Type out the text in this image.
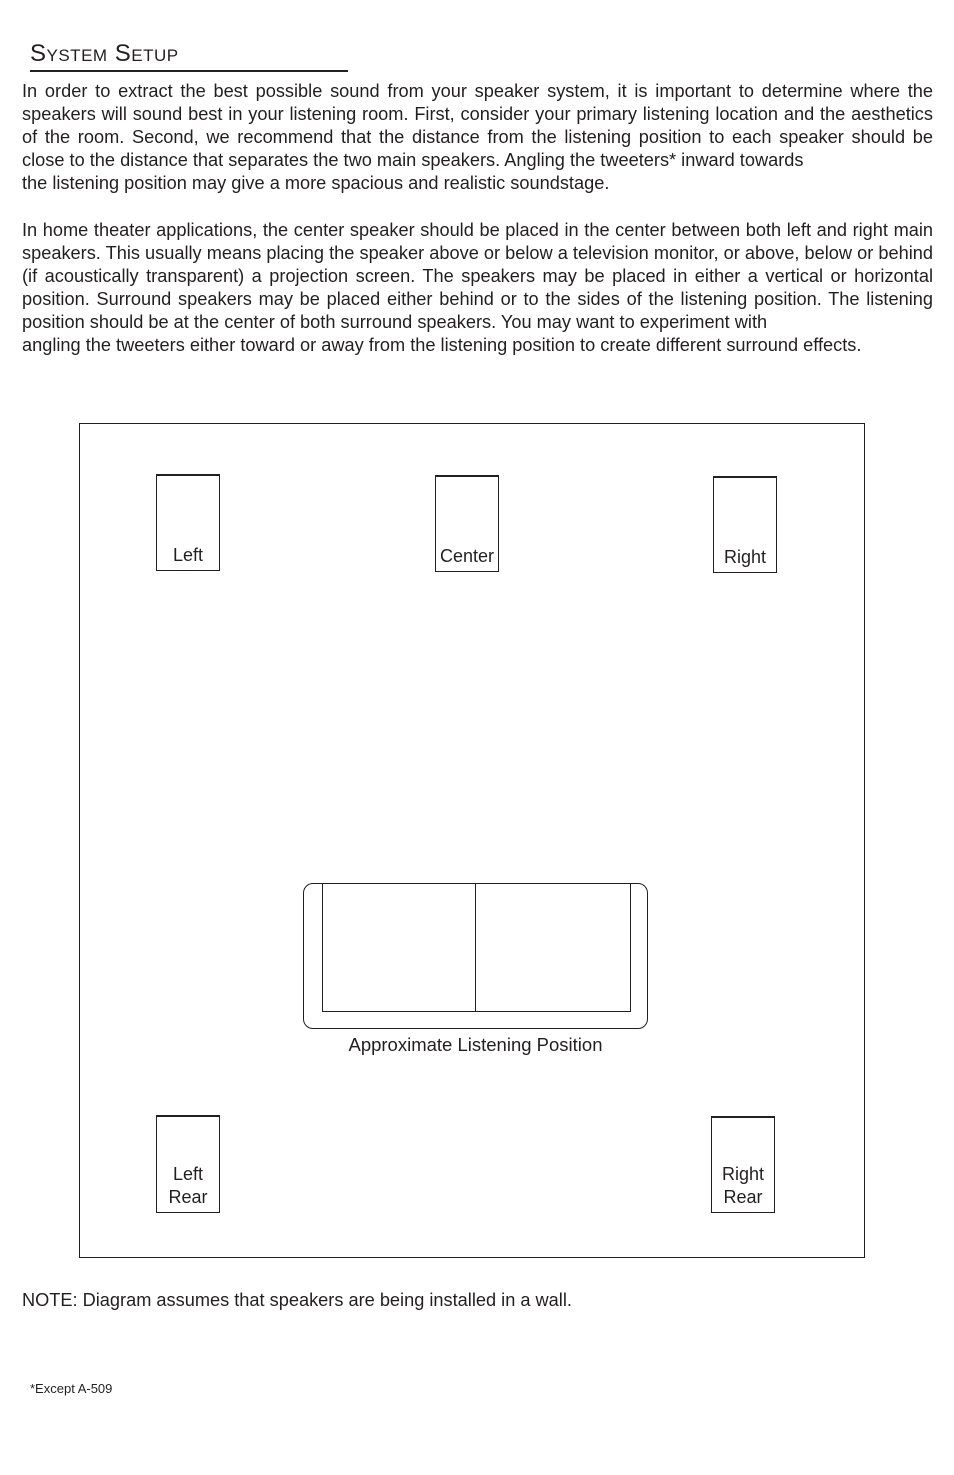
System Setup

In order to extract the best possible sound from your speaker system, it is important to determine where the speakers will sound best in your listening room. First, consider your primary listening location and the aesthetics of the room. Second, we recommend that the distance from the listening position to each speaker should be close to the distance that separates the two main speakers. Angling the tweeters* inward towards
the listening position may give a more spacious and realistic soundstage.

In home theater applications, the center speaker should be placed in the center between both left and right main speakers. This usually means placing the speaker above or below a television monitor, or above, below or behind (if acoustically transparent) a projection screen. The speakers may be placed in either a vertical or horizontal position. Surround speakers may be placed either behind or to the sides of the listening position. The listening position should be at the center of both surround speakers. You may want to experiment with
angling the tweeters either toward or away from the listening position to create different surround effects.

Left	Center	Right
Approximate Listening Position
Left
Rear
Right
Rear
NOTE: Diagram assumes that speakers are being installed in a wall.
*Except A-509
